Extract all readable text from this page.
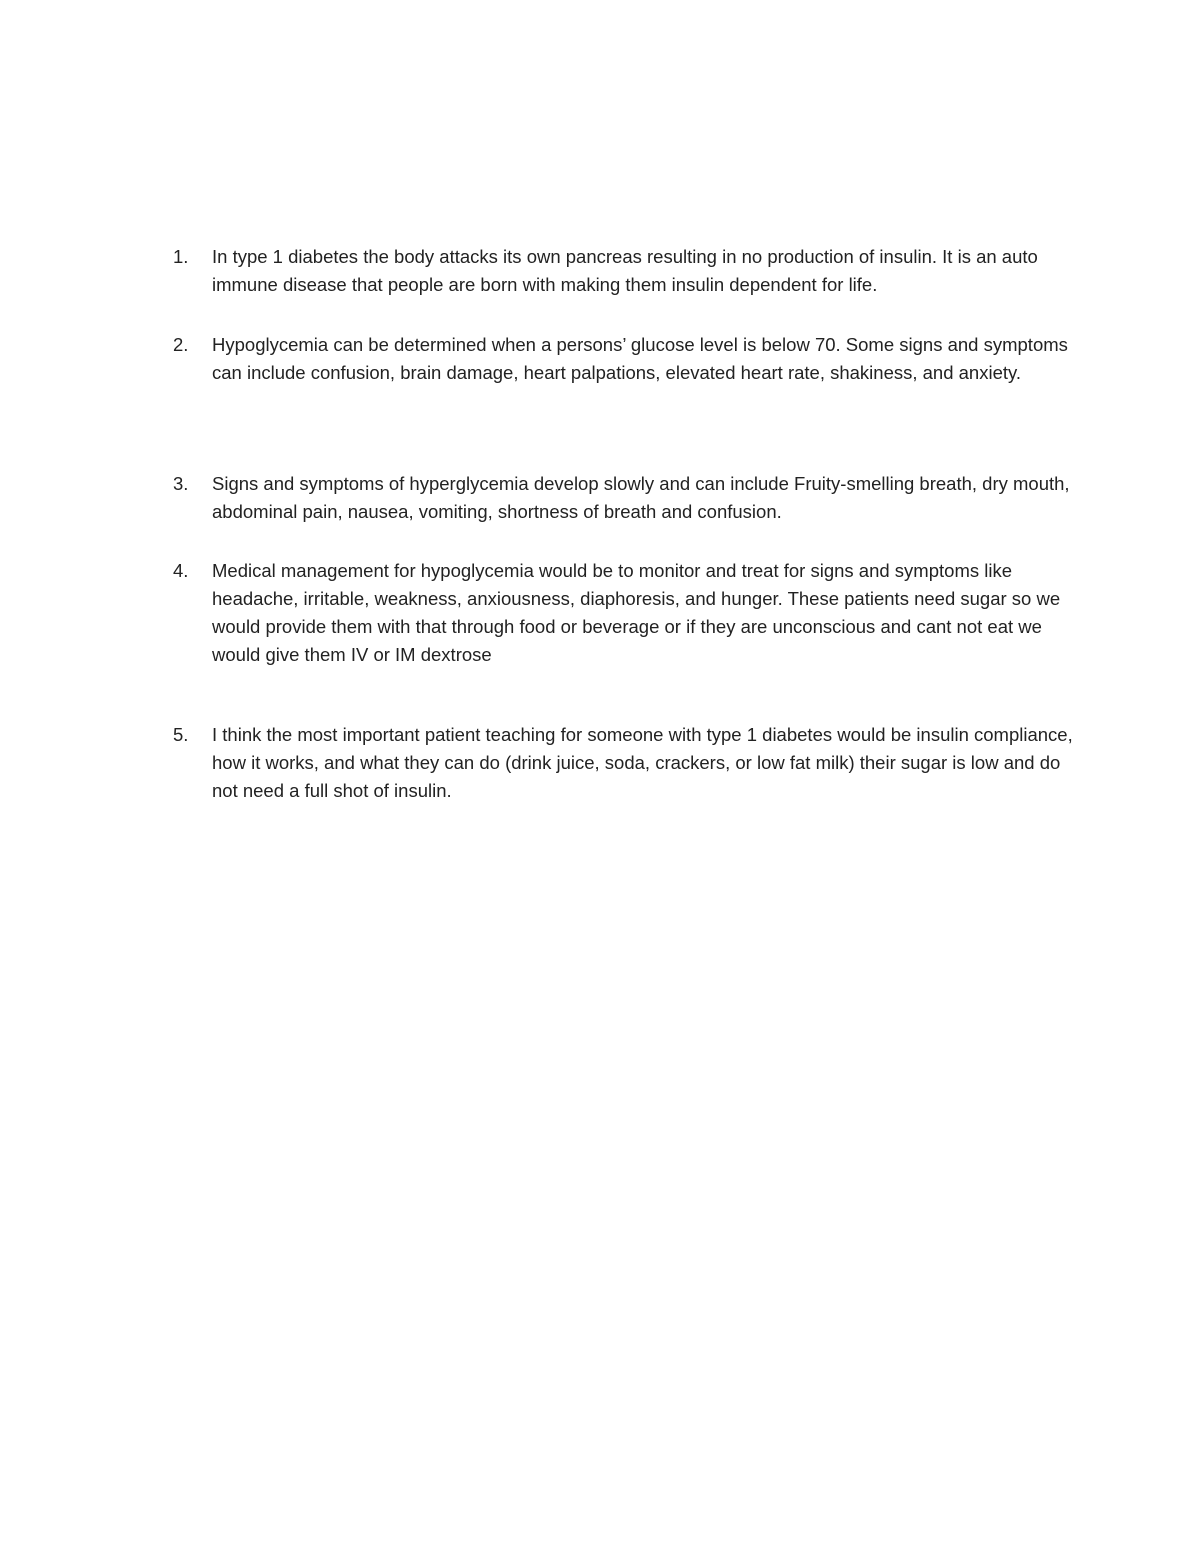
1.	In type 1 diabetes the body attacks its own pancreas resulting in no production of insulin. It is an auto immune disease that people are born with making them insulin dependent for life.
2.	Hypoglycemia can be determined when a persons’ glucose level is below 70. Some signs and symptoms can include confusion, brain damage, heart palpations, elevated heart rate, shakiness, and anxiety.
3.	Signs and symptoms of hyperglycemia develop slowly and can include Fruity-smelling breath, dry mouth, abdominal pain, nausea, vomiting, shortness of breath and confusion.
4.	Medical management for hypoglycemia would be to monitor and treat for signs and symptoms like headache, irritable, weakness, anxiousness, diaphoresis, and hunger. These patients need sugar so we would provide them with that through food or beverage or if they are unconscious and cant not eat we would give them IV or IM dextrose
5.	I think the most important patient teaching for someone with type 1 diabetes would be insulin compliance, how it works, and what they can do (drink juice, soda, crackers, or low fat milk) their sugar is low and do not need a full shot of insulin.
